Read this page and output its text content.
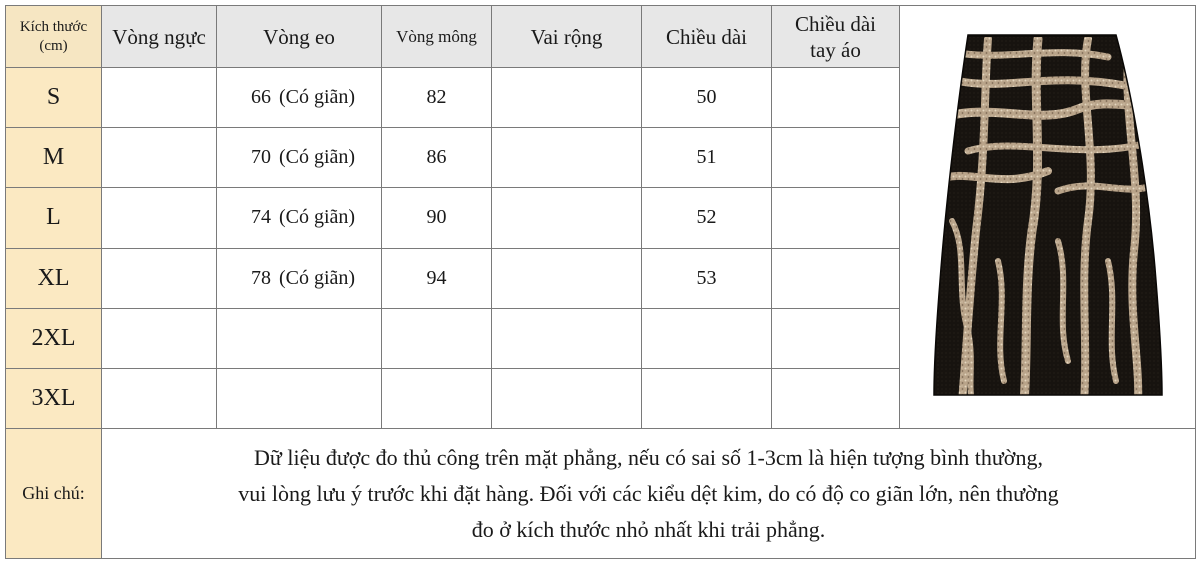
Kích thước
(cm)	Vòng ngực	Vòng eo	Vòng mông	Vai rộng	Chiều dài	Chiều dài
tay áo	

S		66 (Có giãn)	82		50		
M		70 (Có giãn)	86		51		
L		74 (Có giãn)	90		52		
XL		78 (Có giãn)	94		53		
2XL							
3XL							
Ghi chú:	Dữ liệu được đo thủ công trên mặt phẳng, nếu có sai số 1-3cm là hiện tượng bình thường,
vui lòng lưu ý trước khi đặt hàng. Đối với các kiểu dệt kim, do có độ co giãn lớn, nên thường
đo ở kích thước nhỏ nhất khi trải phẳng.						
